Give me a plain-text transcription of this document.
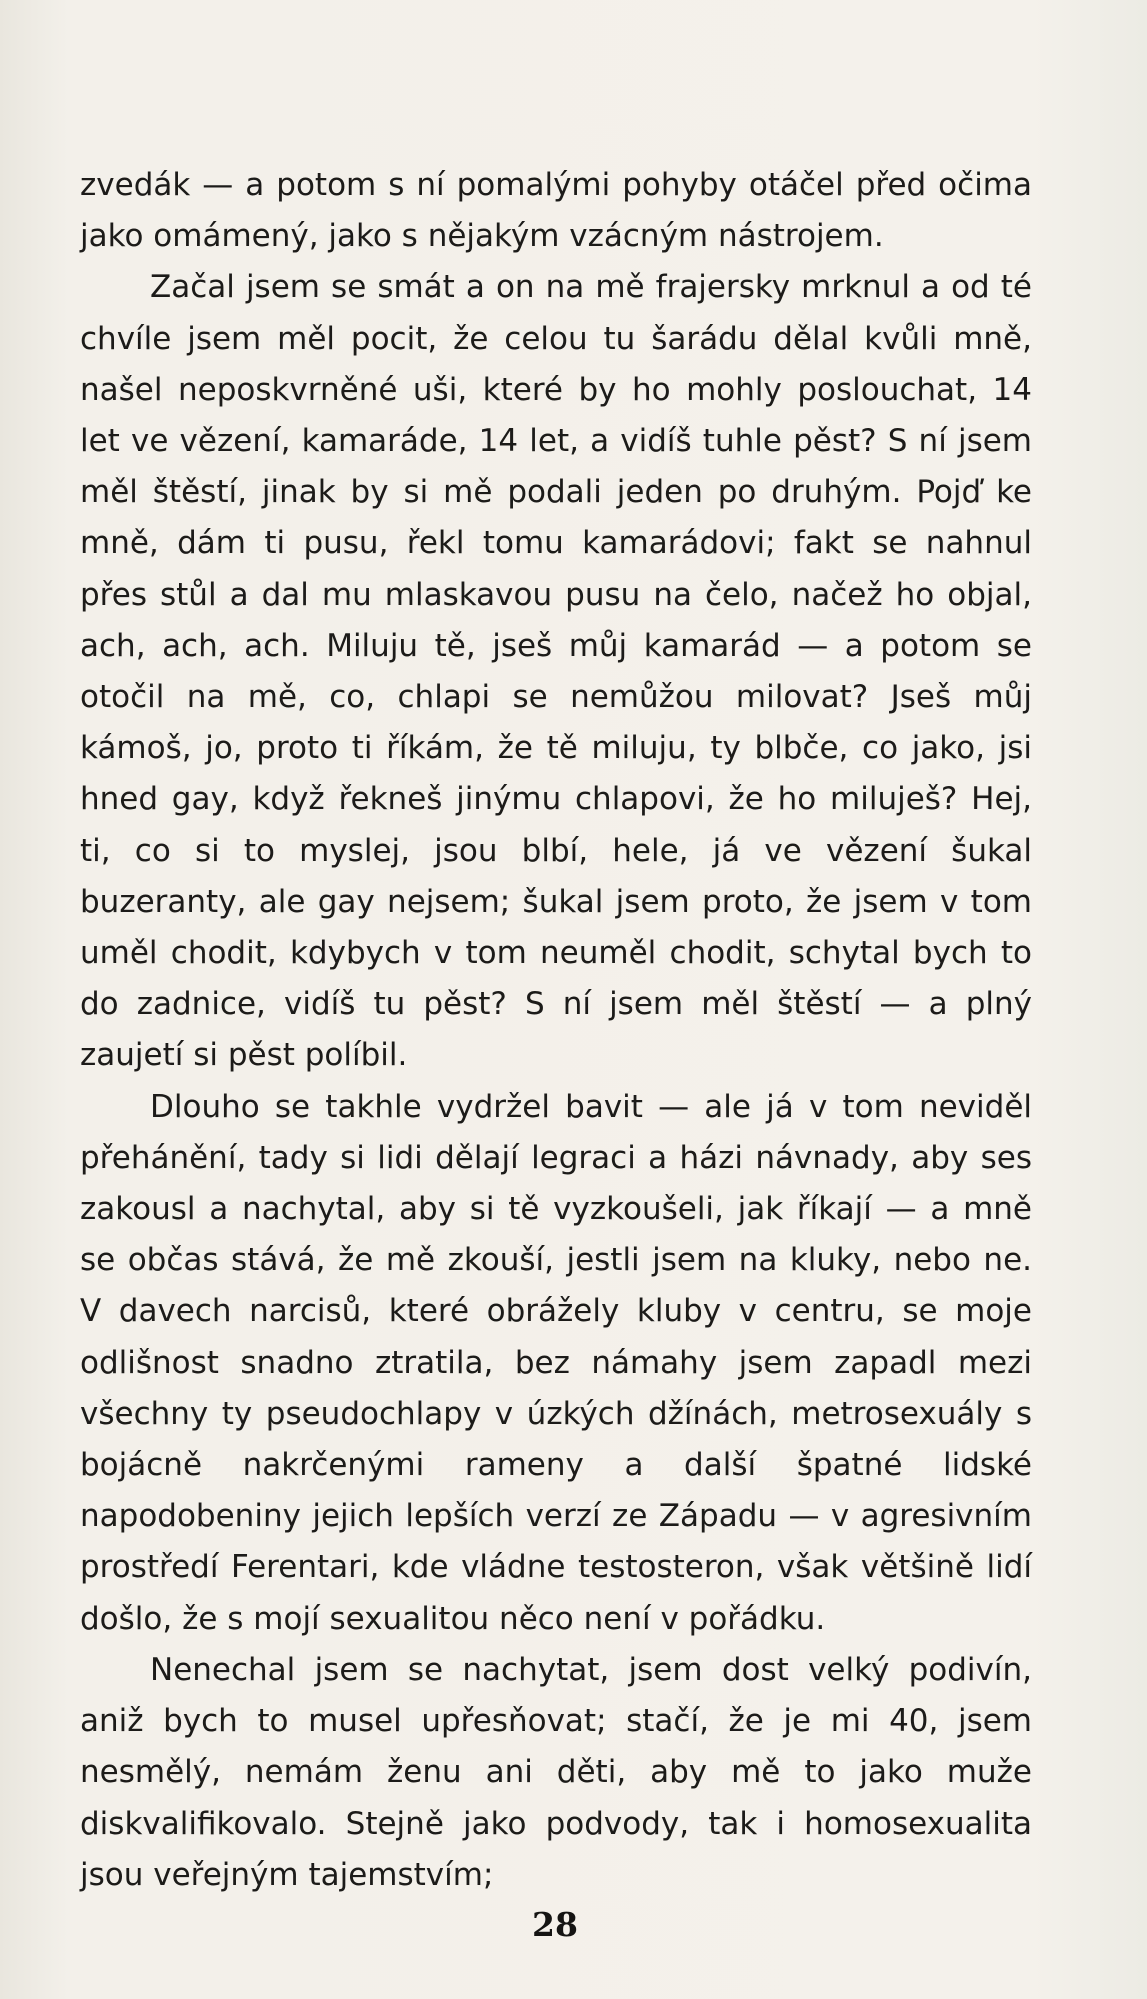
zvedák — a potom s ní pomalými pohyby otáčel před očima jako omámený, jako s nějakým vzácným nástrojem.

Začal jsem se smát a on na mě frajersky mrknul a od té chvíle jsem měl pocit, že celou tu šarádu dělal kvůli mně, našel neposkvrněné uši, které by ho mohly poslouchat, 14 let ve vězení, kamaráde, 14 let, a vidíš tuhle pěst? S ní jsem měl štěstí, jinak by si mě podali jeden po druhým. Pojď ke mně, dám ti pusu, řekl tomu kamarádovi; fakt se nahnul přes stůl a dal mu mlaskavou pusu na čelo, načež ho objal, ach, ach, ach. Miluju tě, jseš můj kamarád — a potom se otočil na mě, co, chlapi se nemůžou milovat? Jseš můj kámoš, jo, proto ti říkám, že tě miluju, ty blbče, co jako, jsi hned gay, když řekneš jinýmu chlapovi, že ho miluješ? Hej, ti, co si to myslej, jsou blbí, hele, já ve vězení šukal buzeranty, ale gay nejsem; šukal jsem proto, že jsem v tom uměl chodit, kdybych v tom neuměl chodit, schytal bych to do zadnice, vidíš tu pěst? S ní jsem měl štěstí — a plný zaujetí si pěst políbil.

Dlouho se takhle vydržel bavit — ale já v tom neviděl přehánění, tady si lidi dělají legraci a házi návnady, aby ses zakousl a nachytal, aby si tě vyzkoušeli, jak říkají — a mně se občas stává, že mě zkouší, jestli jsem na kluky, nebo ne. V davech narcisů, které obrážely kluby v centru, se moje odlišnost snadno ztratila, bez námahy jsem zapadl mezi všechny ty pseudochlapy v úzkých džínách, metrosexuály s bojácně nakrčenými rameny a další špatné lidské napodobeniny jejich lepších verzí ze Západu — v agresivním prostředí Ferentari, kde vládne testosteron, však většině lidí došlo, že s mojí sexualitou něco není v pořádku.

Nenechal jsem se nachytat, jsem dost velký podivín, aniž bych to musel upřesňovat; stačí, že je mi 40, jsem nesmělý, nemám ženu ani děti, aby mě to jako muže diskvalifikovalo. Stejně jako podvody, tak i homosexualita jsou veřejným tajemstvím;

28
